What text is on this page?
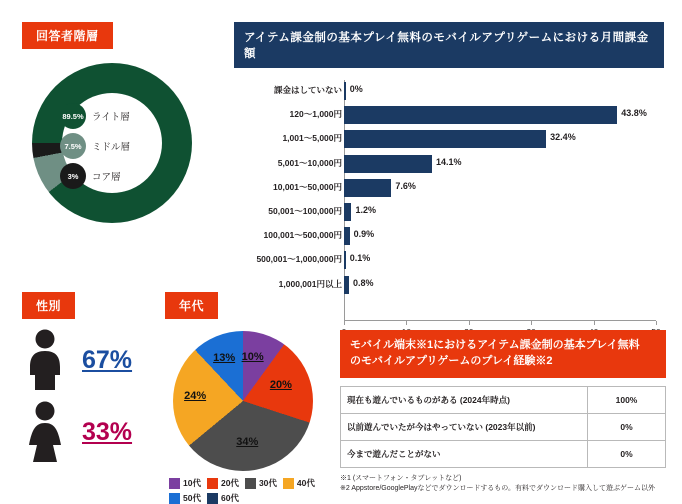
回答者階層
89.5% ライト層
7.5%	ミドル層
3%	コア層
アイテム課金制の基本プレイ無料のモバイルアプリゲームにおける月間課金額
課金はしていない 0%
120〜1,000円	43.8%
1,001〜5,000円	32.4%
5,001〜10,000円	14.1%
10,001〜50,000円	7.6%
50,001〜100,000円 1.2%
100,001〜500,000円 0.9%
500,001〜1,000,000円 0.1%
1,000,001円以上 0.8%
性別
67%
33%
年代
10%
20%
34%
24%
13%
10代 20代 30代 40代
50代 60代
モバイル端末※1におけるアイテム課金制の基本プレイ無料
のモバイルアプリゲームのプレイ経験※2
現在も遊んでいるものがある (2024年時点)	100%
以前遊んでいたが今はやっていない (2023年以前)	0%
今まで遊んだことがない	0%
※1 (スマートフォン・タブレットなど)
※2 Appstore/GooglePlayなどでダウンロードするもの。有料でダウンロード購入して遊ぶゲーム以外
